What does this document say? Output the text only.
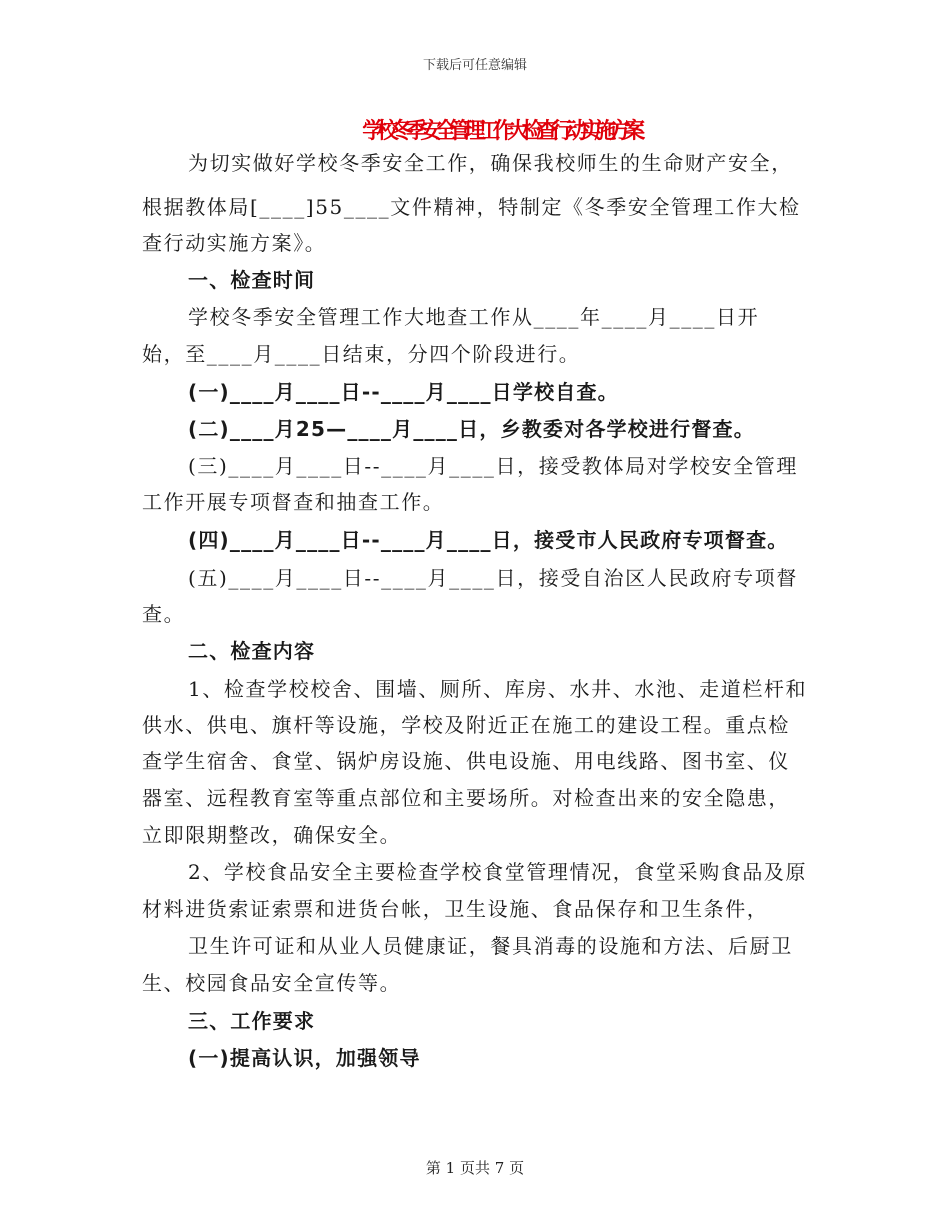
下载后可任意编辑
学校冬季安全管理工作大检查行动实施方案
为切实做好学校冬季安全工作，确保我校师生的生命财产安全，
根据教体局[____]55____文件精神，特制定《冬季安全管理工作大检
查行动实施方案》。
一、检查时间
学校冬季安全管理工作大地查工作从____年____月____日开
始，至____月____日结束，分四个阶段进行。
(一)____月____日--____月____日学校自查。
(二)____月25—____月____日，乡教委对各学校进行督查。
(三)____月____日--____月____日，接受教体局对学校安全管理
工作开展专项督查和抽查工作。
(四)____月____日--____月____日，接受市人民政府专项督查。
(五)____月____日--____月____日，接受自治区人民政府专项督
查。
二、检查内容
1、检查学校校舍、围墙、厕所、库房、水井、水池、走道栏杆和
供水、供电、旗杆等设施，学校及附近正在施工的建设工程。重点检
查学生宿舍、食堂、锅炉房设施、供电设施、用电线路、图书室、仪
器室、远程教育室等重点部位和主要场所。对检查出来的安全隐患，
立即限期整改，确保安全。
2、学校食品安全主要检查学校食堂管理情况，食堂采购食品及原
材料进货索证索票和进货台帐，卫生设施、食品保存和卫生条件，
卫生许可证和从业人员健康证，餐具消毒的设施和方法、后厨卫
生、校园食品安全宣传等。
三、工作要求
(一)提高认识，加强领导
第 1 页共 7 页
